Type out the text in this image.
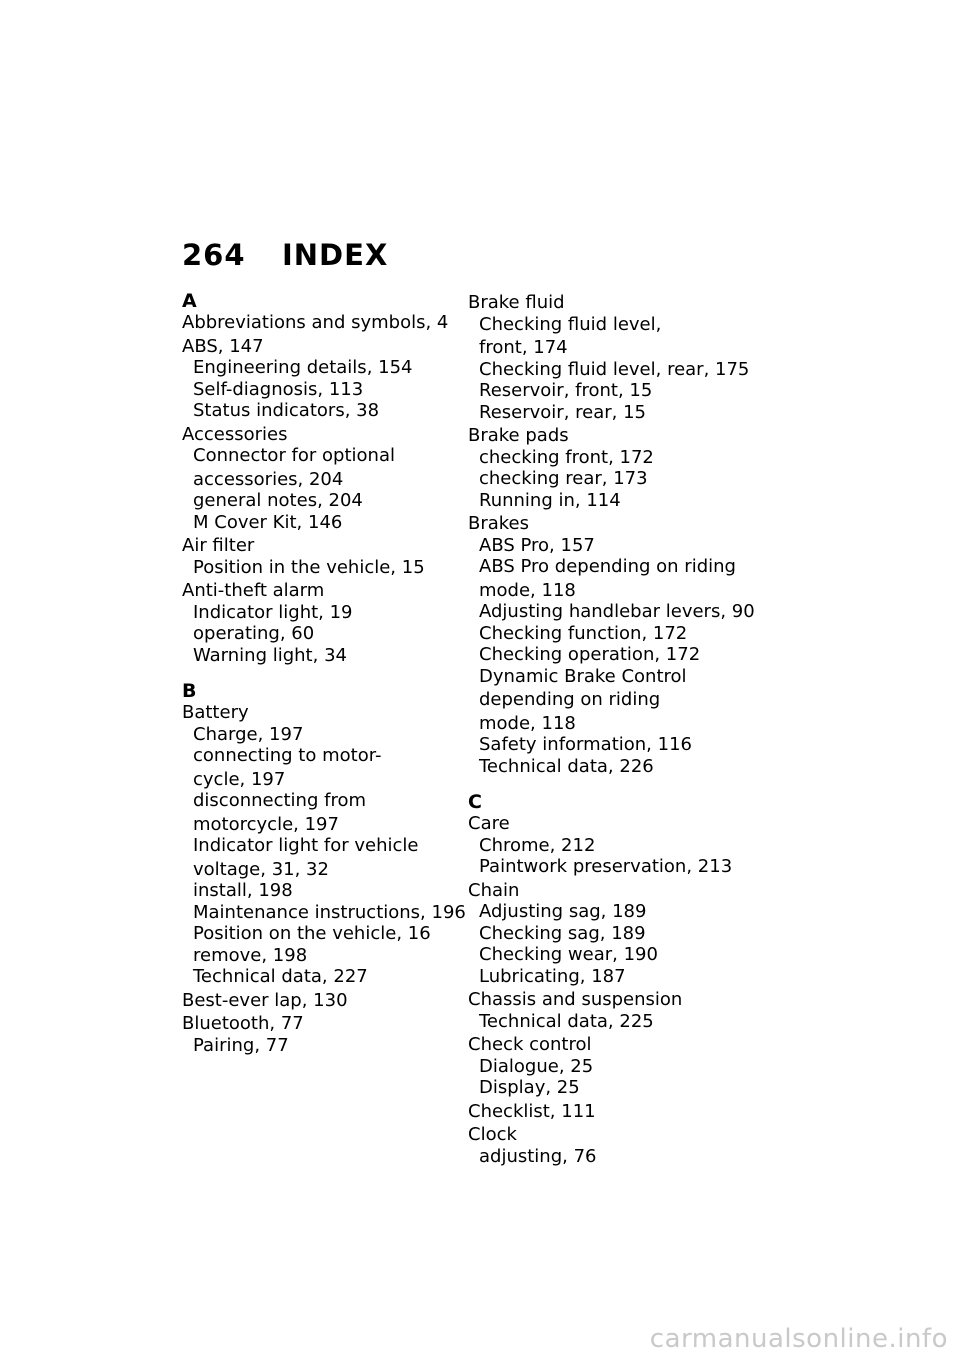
264 INDEX
A
Abbreviations and symbols, 4
ABS, 147
Engineering details, 154
Self-diagnosis, 113
Status indicators, 38
Accessories
Connector for optional
accessories, 204
general notes, 204
M Cover Kit, 146
Air filter
Position in the vehicle, 15
Anti-theft alarm
Indicator light, 19
operating, 60
Warning light, 34
B
Battery
Charge, 197
connecting to motor-
cycle, 197
disconnecting from
motorcycle, 197
Indicator light for vehicle
voltage, 31, 32
install, 198
Maintenance instructions, 196
Position on the vehicle, 16
remove, 198
Technical data, 227
Best-ever lap, 130
Bluetooth, 77
Pairing, 77
Brake fluid
Checking fluid level,
front, 174
Checking fluid level, rear, 175
Reservoir, front, 15
Reservoir, rear, 15
Brake pads
checking front, 172
checking rear, 173
Running in, 114
Brakes
ABS Pro, 157
ABS Pro depending on riding
mode, 118
Adjusting handlebar levers, 90
Checking function, 172
Checking operation, 172
Dynamic Brake Control
depending on riding
mode, 118
Safety information, 116
Technical data, 226
C
Care
Chrome, 212
Paintwork preservation, 213
Chain
Adjusting sag, 189
Checking sag, 189
Checking wear, 190
Lubricating, 187
Chassis and suspension
Technical data, 225
Check control
Dialogue, 25
Display, 25
Checklist, 111
Clock
adjusting, 76
carmanualsonline.info
